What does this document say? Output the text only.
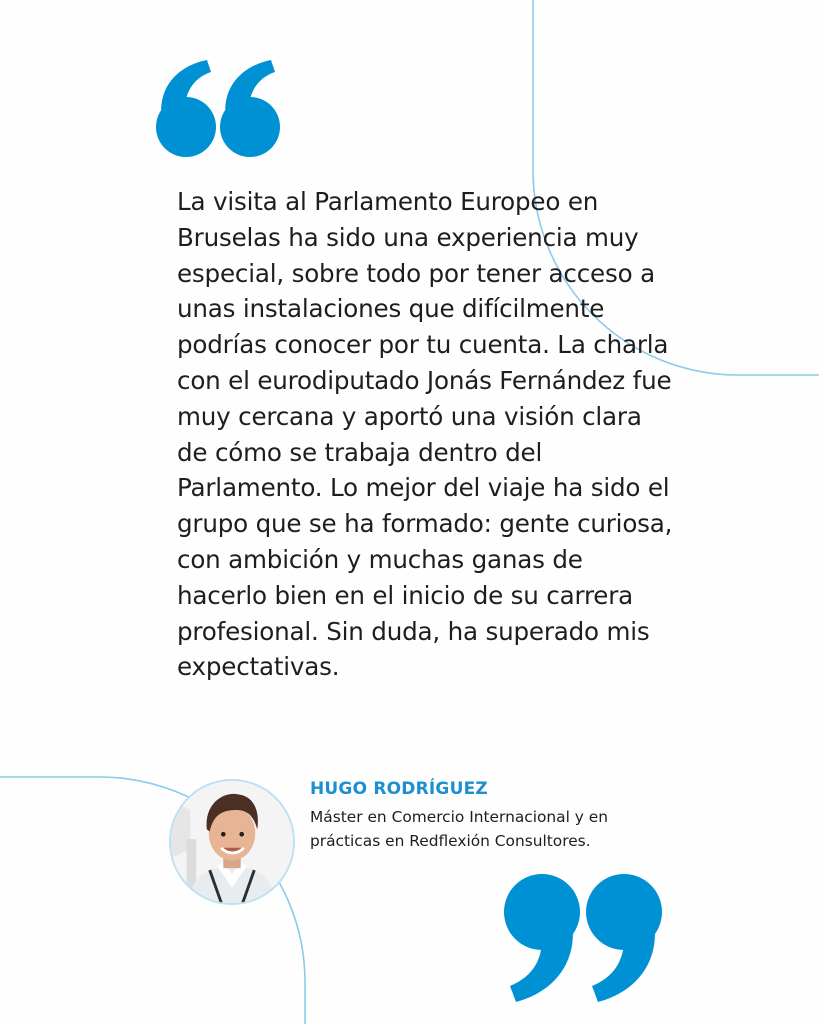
La visita al Parlamento Europeo en Bruselas ha sido una experiencia muy especial, sobre todo por tener acceso a unas instalaciones que difícilmente podrías conocer por tu cuenta. La charla con el eurodiputado Jonás Fernández fue muy cercana y aportó una visión clara de cómo se trabaja dentro del Parlamento. Lo mejor del viaje ha sido el grupo que se ha formado: gente curiosa, con ambición y muchas ganas de hacerlo bien en el inicio de su carrera profesional. Sin duda, ha superado mis expectativas.

HUGO RODRÍGUEZ

Máster en Comercio Internacional y en
prácticas en Redflexión Consultores.
